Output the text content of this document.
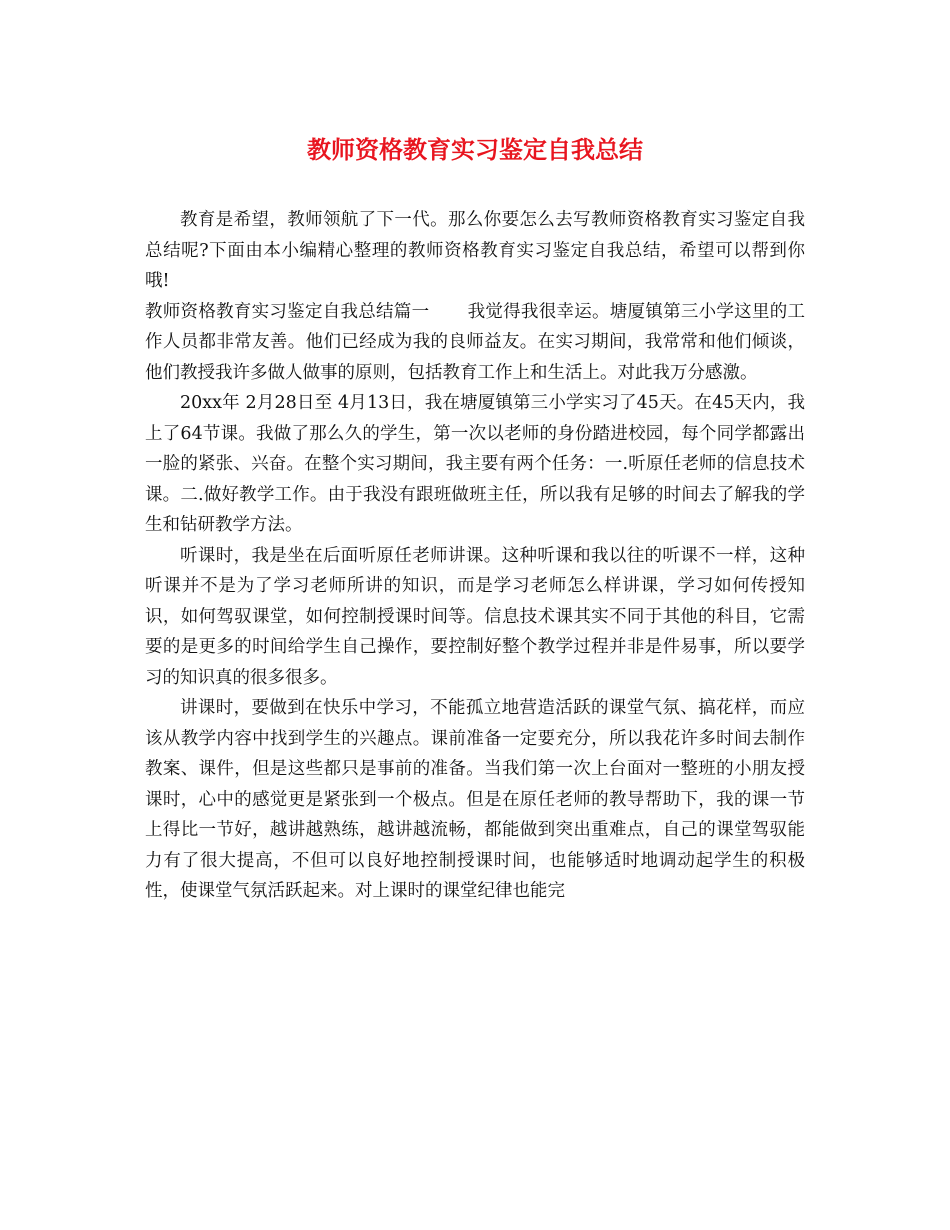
教师资格教育实习鉴定自我总结

教育是希望，教师领航了下一代。那么你要怎么去写教师资格教育实习鉴定自我总结呢?下面由本小编精心整理的教师资格教育实习鉴定自我总结，希望可以帮到你哦!

教师资格教育实习鉴定自我总结篇一 我觉得我很幸运。塘厦镇第三小学这里的工作人员都非常友善。他们已经成为我的良师益友。在实习期间，我常常和他们倾谈，他们教授我许多做人做事的原则，包括教育工作上和生活上。对此我万分感激。

20xx年 2月28日至 4月13日，我在塘厦镇第三小学实习了45天。在45天内，我上了64节课。我做了那么久的学生，第一次以老师的身份踏进校园，每个同学都露出一脸的紧张、兴奋。在整个实习期间，我主要有两个任务：一.听原任老师的信息技术课。二.做好教学工作。由于我没有跟班做班主任，所以我有足够的时间去了解我的学生和钻研教学方法。

听课时，我是坐在后面听原任老师讲课。这种听课和我以往的听课不一样，这种听课并不是为了学习老师所讲的知识，而是学习老师怎么样讲课，学习如何传授知识，如何驾驭课堂，如何控制授课时间等。信息技术课其实不同于其他的科目，它需要的是更多的时间给学生自己操作，要控制好整个教学过程并非是件易事，所以要学习的知识真的很多很多。

讲课时，要做到在快乐中学习，不能孤立地营造活跃的课堂气氛、搞花样，而应该从教学内容中找到学生的兴趣点。课前准备一定要充分，所以我花许多时间去制作教案、课件，但是这些都只是事前的准备。当我们第一次上台面对一整班的小朋友授课时，心中的感觉更是紧张到一个极点。但是在原任老师的教导帮助下，我的课一节上得比一节好，越讲越熟练，越讲越流畅，都能做到突出重难点，自己的课堂驾驭能力有了很大提高，不但可以良好地控制授课时间，也能够适时地调动起学生的积极性，使课堂气氛活跃起来。对上课时的课堂纪律也能完
